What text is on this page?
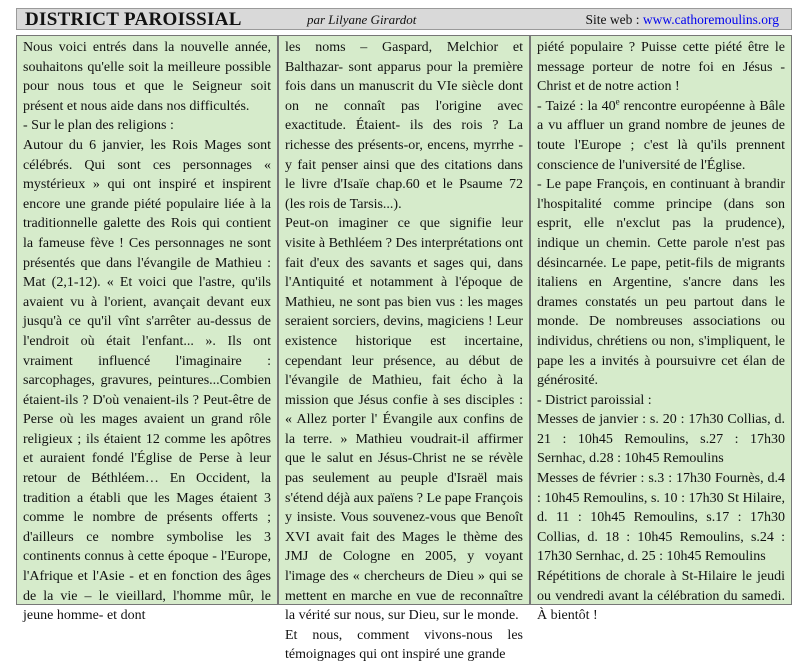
DISTRICT PAROISSIAL	par Lilyane Girardot	Site web : www.cathoremoulins.org

Nous voici entrés dans la nouvelle année, souhaitons qu'elle soit la meilleure possible pour nous tous et que le Seigneur soit présent et nous aide dans nos difficultés.

- Sur le plan des religions :

Autour du 6 janvier, les Rois Mages sont célébrés. Qui sont ces personnages « mystérieux » qui ont inspiré et inspirent encore une grande piété populaire liée à la traditionnelle galette des Rois qui contient la fameuse fève ! Ces personnages ne sont présentés que dans l'évangile de Mathieu : Mat (2,1-12). « Et voici que l'astre, qu'ils avaient vu à l'orient, avançait devant eux jusqu'à ce qu'il vînt s'arrêter au-dessus de l'endroit où était l'enfant... ». Ils ont vraiment influencé l'imaginaire : sarcophages, gravures, peintures...Combien étaient-ils ? D'où venaient-ils ? Peut-être de Perse où les mages avaient un grand rôle religieux ; ils étaient 12 comme les apôtres et auraient fondé l'Église de Perse à leur retour de Béthléem… En Occident, la tradition a établi que les Mages étaient 3 comme le nombre de présents offerts ; d'ailleurs ce nombre symbolise les 3 continents connus à cette époque - l'Europe, l'Afrique et l'Asie - et en fonction des âges de la vie – le vieillard, l'homme mûr, le jeune homme- et dont

les noms – Gaspard, Melchior et Balthazar- sont apparus pour la première fois dans un manuscrit du VIe siècle dont on ne connaît pas l'origine avec exactitude. Étaient- ils des rois ? La richesse des présents-or, encens, myrrhe - y fait penser ainsi que des citations dans le livre d'Isaïe chap.60 et le Psaume 72 (les rois de Tarsis...).

Peut-on imaginer ce que signifie leur visite à Bethléem ? Des interprétations ont fait d'eux des savants et sages qui, dans l'Antiquité et notamment à l'époque de Mathieu, ne sont pas bien vus : les mages seraient sorciers, devins, magiciens ! Leur existence historique est incertaine, cependant leur présence, au début de l'évangile de Mathieu, fait écho à la mission que Jésus confie à ses disciples : « Allez porter l' Évangile aux confins de la terre. » Mathieu voudrait-il affirmer que le salut en Jésus-Christ ne se révèle pas seulement au peuple d'Israël mais s'étend déjà aux païens ? Le pape François y insiste. Vous souvenez-vous que Benoît XVI avait fait des Mages le thème des JMJ de Cologne en 2005, y voyant l'image des « chercheurs de Dieu » qui se mettent en marche en vue de reconnaître la vérité sur nous, sur Dieu, sur le monde.

Et nous, comment vivons-nous les témoignages qui ont inspiré une grande

piété populaire ? Puisse cette piété être le message porteur de notre foi en Jésus - Christ et de notre action !

- Taizé : la 40e rencontre européenne à Bâle a vu affluer un grand nombre de jeunes de toute l'Europe ; c'est là qu'ils prennent conscience de l'université de l'Église.

- Le pape François, en continuant à brandir l'hospitalité comme principe (dans son esprit, elle n'exclut pas la prudence), indique un chemin. Cette parole n'est pas désincarnée. Le pape, petit-fils de migrants italiens en Argentine, s'ancre dans les drames constatés un peu partout dans le monde. De nombreuses associations ou individus, chrétiens ou non, s'impliquent, le pape les a invités à poursuivre cet élan de générosité.

- District paroissial :

Messes de janvier : s. 20 : 17h30 Collias, d. 21 : 10h45 Remoulins, s.27 : 17h30 Sernhac, d.28 : 10h45 Remoulins

Messes de février : s.3 : 17h30 Fournès, d.4 : 10h45 Remoulins, s. 10 : 17h30 St Hilaire, d. 11 : 10h45 Remoulins, s.17 : 17h30 Collias, d. 18 : 10h45 Remoulins, s.24 : 17h30 Sernhac, d. 25 : 10h45 Remoulins

Répétitions de chorale à St-Hilaire le jeudi ou vendredi avant la célébration du samedi. À bientôt !
